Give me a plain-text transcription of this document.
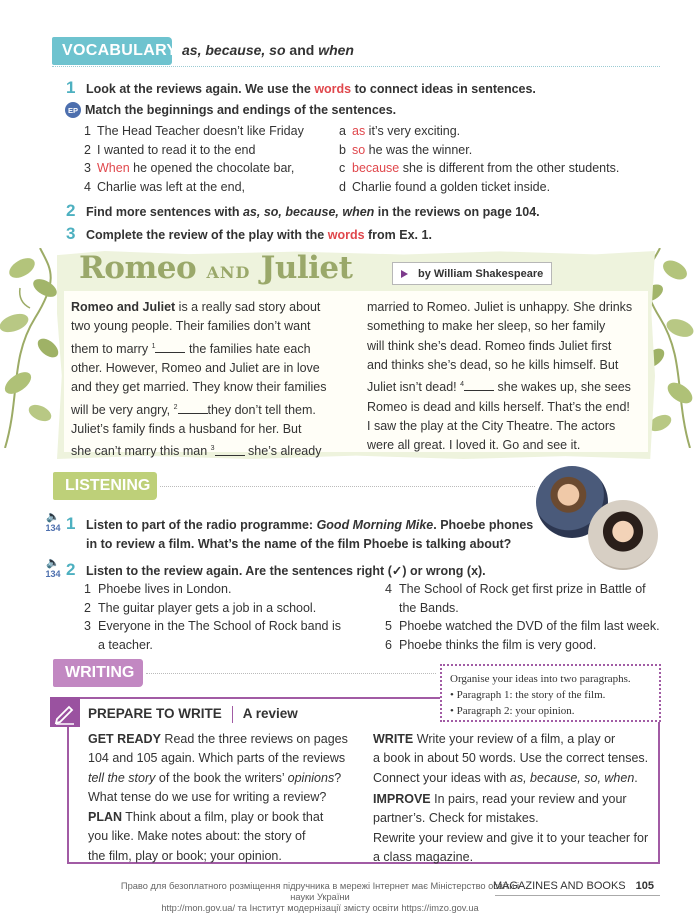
VOCABULARY as, because, so and when
1 Look at the reviews again. We use the words to connect ideas in sentences.
EP Match the beginnings and endings of the sentences.
1 The Head Teacher doesn’t like Friday
2 I wanted to read it to the end
3 When he opened the chocolate bar,
4 Charlie was left at the end,
a as it’s very exciting.
b so he was the winner.
c because she is different from the other students.
d Charlie found a golden ticket inside.
2 Find more sentences with as, so, because, when in the reviews on page 104.
3 Complete the review of the play with the words from Ex. 1.
Romeo AND Juliet	by William Shakespeare
Romeo and Juliet is a really sad story about
two young people. Their families don’t want
them to marry $^1$ the families hate each
other. However, Romeo and Juliet are in love
and they get married. They know their families
will be very angry, $^2$ they don’t tell them.
Juliet’s family finds a husband for her. But
she can’t marry this man $^3$ she’s already
married to Romeo. Juliet is unhappy. She drinks
something to make her sleep, so her family
will think she’s dead. Romeo finds Juliet first
and thinks she’s dead, so he kills himself. But
Juliet isn’t dead! $^4$ she wakes up, she sees
Romeo is dead and kills herself. That’s the end!
I saw the play at the City Theatre. The actors
were all great. I loved it. Go and see it.
LISTENING
🔈
134 1 Listen to part of the radio programme: Good Morning Mike. Phoebe phones
in to review a film. What’s the name of the film Phoebe is talking about?
🔈
134 2 Listen to the review again. Are the sentences right (✓) or wrong (x).
1 Phoebe lives in London.
2 The guitar player gets a job in a school.
3 Everyone in the The School of Rock band is
a teacher.
4 The School of Rock get first prize in Battle of
the Bands.
5 Phoebe watched the DVD of the film last week.
6 Phoebe thinks the film is very good.
WRITING	Organise your ideas into two paragraphs.
• Paragraph 1: the story of the film.
• Paragraph 2: your opinion.
PREPARE TO WRITE A review
GET READY Read the three reviews on pages
104 and 105 again. Which parts of the reviews
tell the story of the book the writers’ opinions?
What tense do we use for writing a review?
PLAN Think about a film, play or book that
you like. Make notes about: the story of
the film, play or book; your opinion.
WRITE Write your review of a film, a play or
a book in about 50 words. Use the correct tenses.
Connect your ideas with as, because, so, when.
IMPROVE In pairs, read your review and your
partner’s. Check for mistakes.
Rewrite your review and give it to your teacher for
a class magazine.
Право для безоплатного розміщення підручника в мережі Інтернет має Міністерство освіти і науки України
http://mon.gov.ua/ та Інститут модернізації змісту освіти https://imzo.gov.ua
MAGAZINES AND BOOKS 105
